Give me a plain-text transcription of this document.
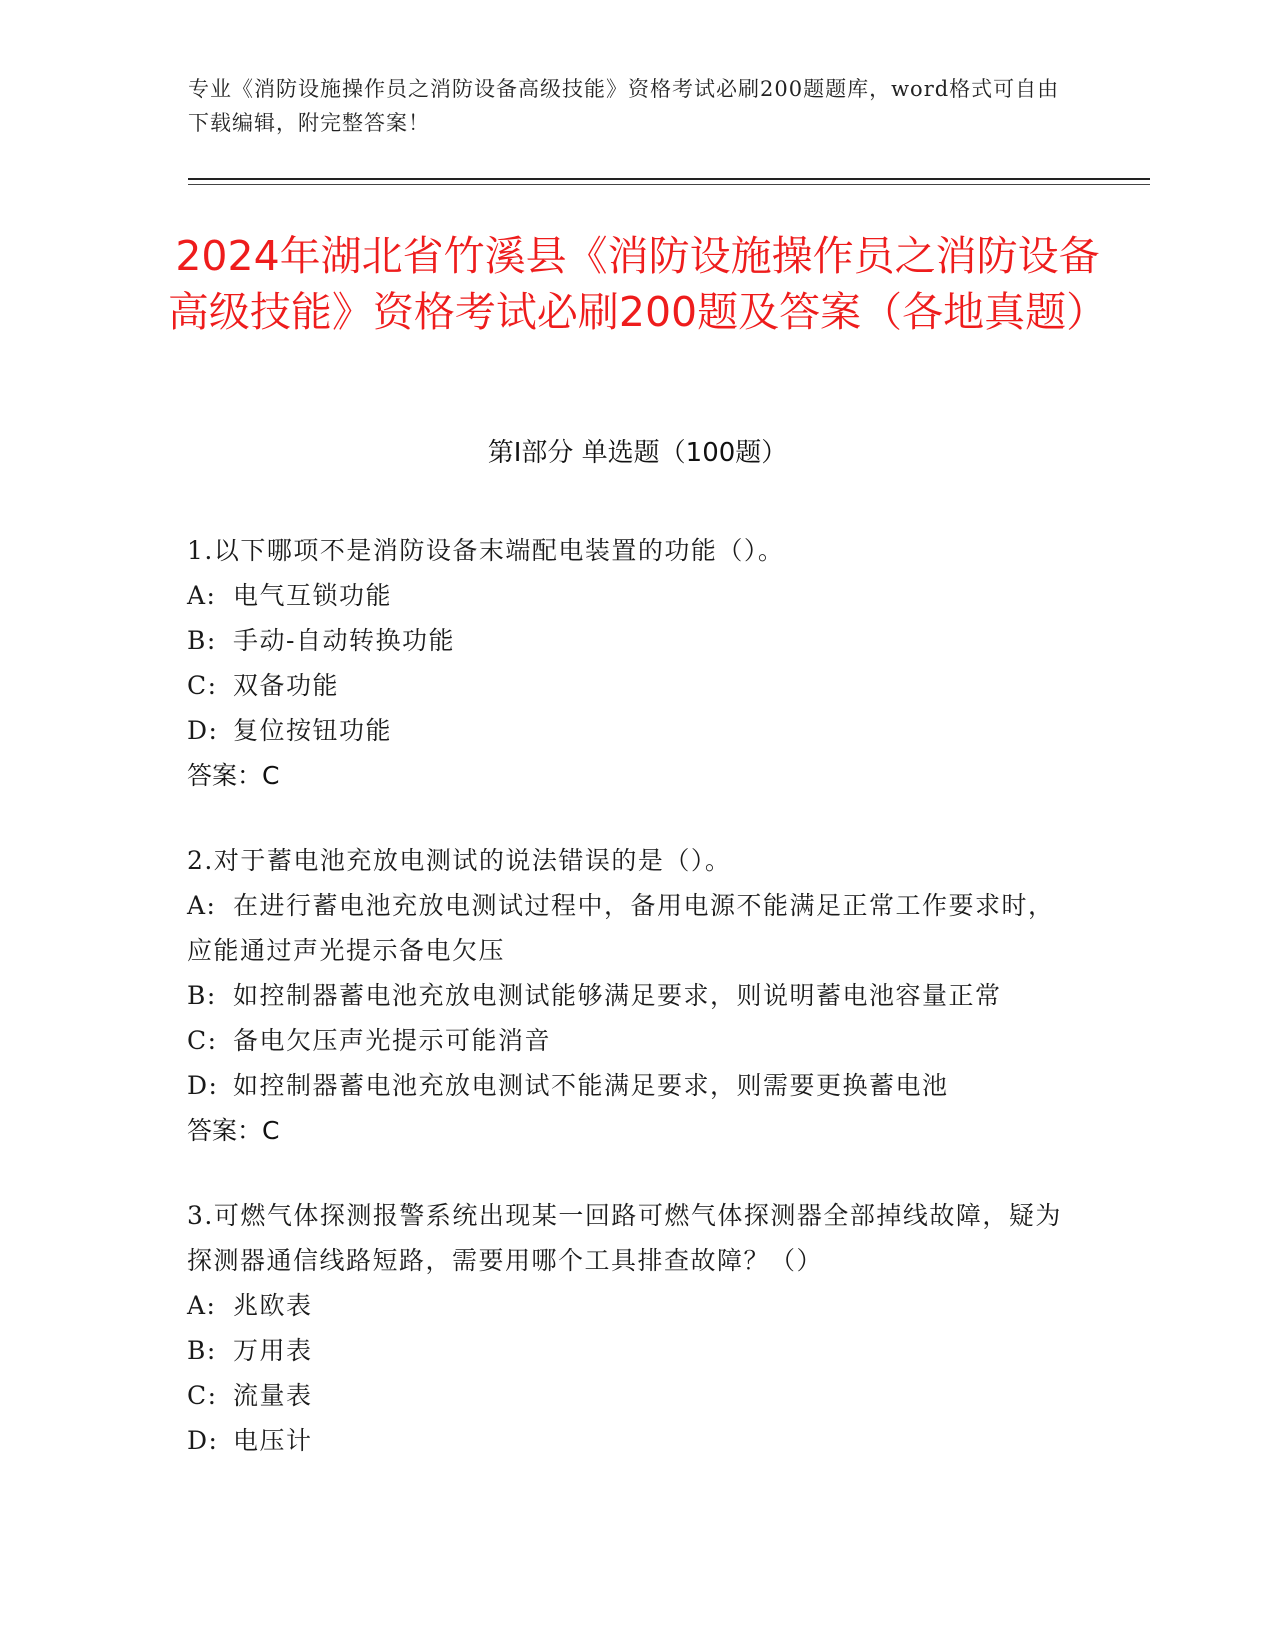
专业《消防设施操作员之消防设备高级技能》资格考试必刷200题题库，word格式可自由下载编辑，附完整答案！
2024年湖北省竹溪县《消防设施操作员之消防设备高级技能》资格考试必刷200题及答案（各地真题）
第Ⅰ部分 单选题（100题）
1.以下哪项不是消防设备末端配电装置的功能（）。
A: 电气互锁功能
B: 手动-自动转换功能
C: 双备功能
D: 复位按钮功能
答案：C
2.对于蓄电池充放电测试的说法错误的是（）。
A: 在进行蓄电池充放电测试过程中，备用电源不能满足正常工作要求时，应能通过声光提示备电欠压
B: 如控制器蓄电池充放电测试能够满足要求，则说明蓄电池容量正常
C: 备电欠压声光提示可能消音
D: 如控制器蓄电池充放电测试不能满足要求，则需要更换蓄电池
答案：C
3.可燃气体探测报警系统出现某一回路可燃气体探测器全部掉线故障，疑为探测器通信线路短路，需要用哪个工具排查故障？（）
A: 兆欧表
B: 万用表
C: 流量表
D: 电压计
